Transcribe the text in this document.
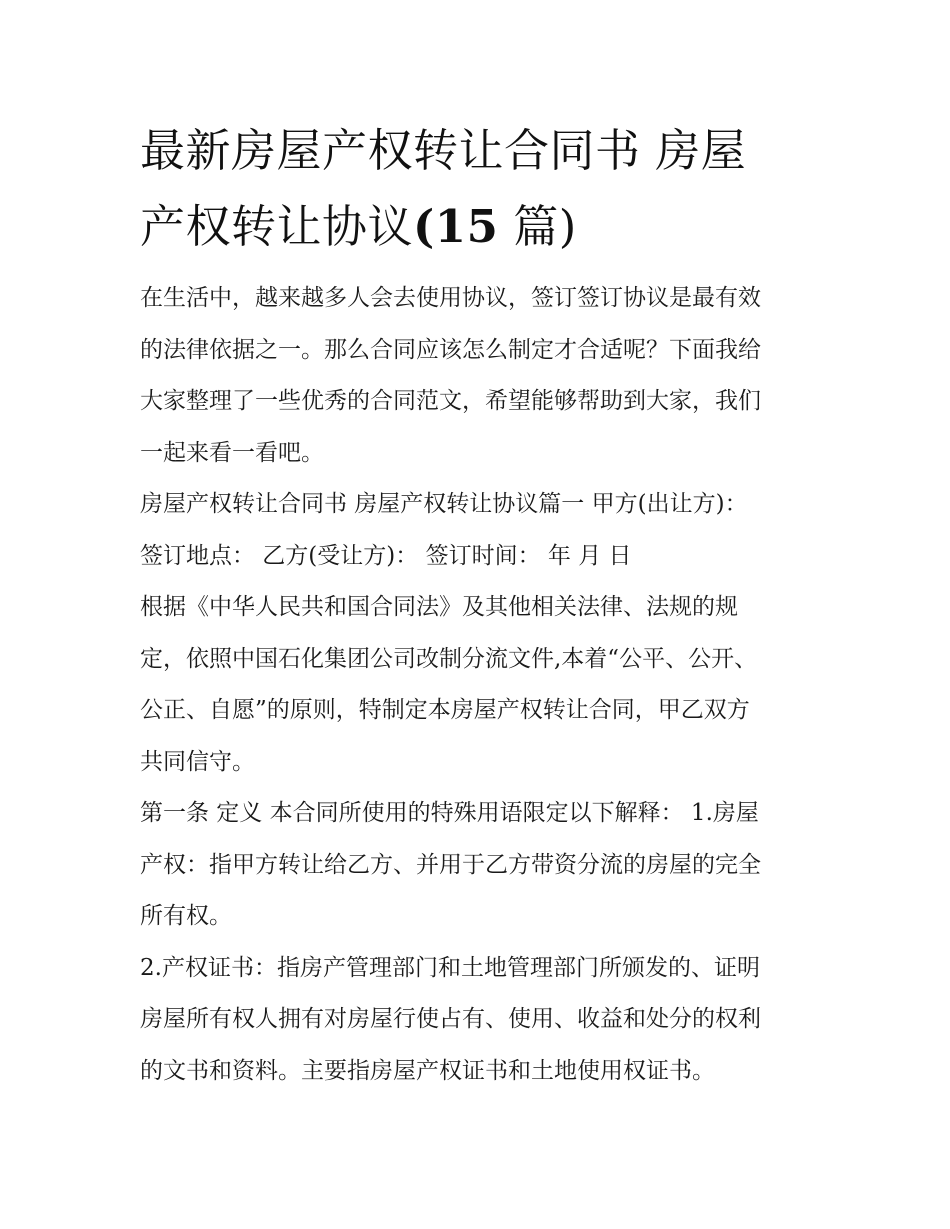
最新房屋产权转让合同书 房屋
产权转让协议(15 篇)

在生活中，越来越多人会去使用协议，签订签订协议是最有效
的法律依据之一。那么合同应该怎么制定才合适呢？下面我给
大家整理了一些优秀的合同范文，希望能够帮助到大家，我们
一起来看一看吧。

房屋产权转让合同书 房屋产权转让协议篇一 甲方(出让方)：
签订地点： 乙方(受让方)： 签订时间： 年 月 日

根据《中华人民共和国合同法》及其他相关法律、法规的规
定，依照中国石化集团公司改制分流文件,本着“公平、公开、
公正、自愿”的原则，特制定本房屋产权转让合同，甲乙双方
共同信守。

第一条 定义 本合同所使用的特殊用语限定以下解释： 1.房屋
产权：指甲方转让给乙方、并用于乙方带资分流的房屋的完全
所有权。

2.产权证书：指房产管理部门和土地管理部门所颁发的、证明
房屋所有权人拥有对房屋行使占有、使用、收益和处分的权利
的文书和资料。主要指房屋产权证书和土地使用权证书。
